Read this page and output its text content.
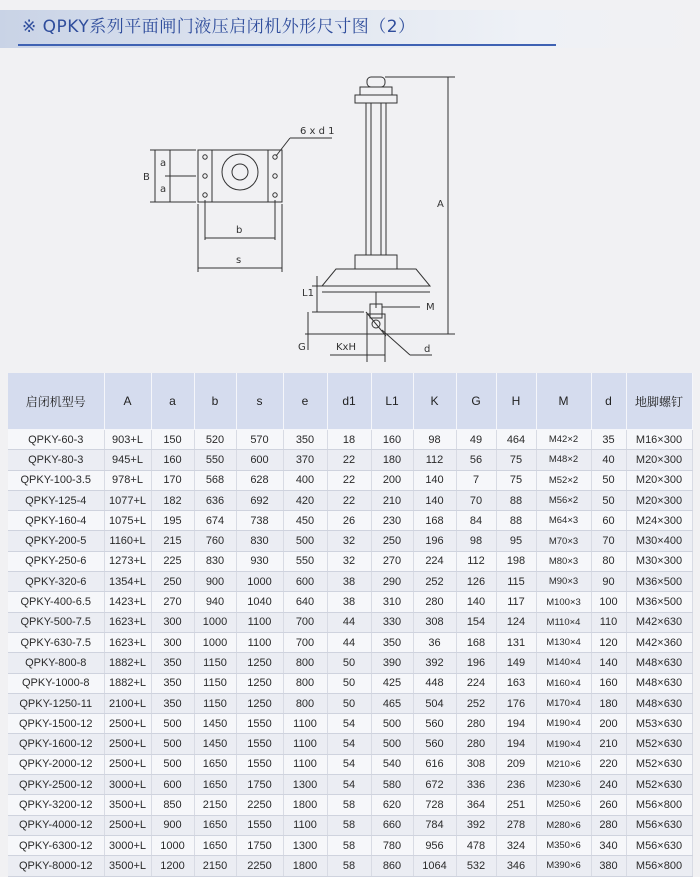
※ QPKY系列平面闸门液压启闭机外形尺寸图（2）
6 x d 1
B
a
a
b
s
A
L1
M
G	KxH	d
启闭机型号	A	a	b	s	e	d1	L1	K	G	H	M	d	地脚螺钉
QPKY-60-3	903+L	150	520	570	350	18	160	98	49	464	M42×2	35	M16×300
QPKY-80-3	945+L	160	550	600	370	22	180	112	56	75	M48×2	40	M20×300
QPKY-100-3.5	978+L	170	568	628	400	22	200	140	7	75	M52×2	50	M20×300
QPKY-125-4	1077+L	182	636	692	420	22	210	140	70	88	M56×2	50	M20×300
QPKY-160-4	1075+L	195	674	738	450	26	230	168	84	88	M64×3	60	M24×300
QPKY-200-5	1160+L	215	760	830	500	32	250	196	98	95	M70×3	70	M30×400
QPKY-250-6	1273+L	225	830	930	550	32	270	224	112	198	M80×3	80	M30×300
QPKY-320-6	1354+L	250	900	1000	600	38	290	252	126	115	M90×3	90	M36×500
QPKY-400-6.5	1423+L	270	940	1040	640	38	310	280	140	117	M100×3	100	M36×500
QPKY-500-7.5	1623+L	300	1000	1100	700	44	330	308	154	124	M110×4	110	M42×630
QPKY-630-7.5	1623+L	300	1000	1100	700	44	350	36	168	131	M130×4	120	M42×360
QPKY-800-8	1882+L	350	1150	1250	800	50	390	392	196	149	M140×4	140	M48×630
QPKY-1000-8	1882+L	350	1150	1250	800	50	425	448	224	163	M160×4	160	M48×630
QPKY-1250-11	2100+L	350	1150	1250	800	50	465	504	252	176	M170×4	180	M48×630
QPKY-1500-12	2500+L	500	1450	1550	1100	54	500	560	280	194	M190×4	200	M53×630
QPKY-1600-12	2500+L	500	1450	1550	1100	54	500	560	280	194	M190×4	210	M52×630
QPKY-2000-12	2500+L	500	1650	1550	1100	54	540	616	308	209	M210×6	220	M52×630
QPKY-2500-12	3000+L	600	1650	1750	1300	54	580	672	336	236	M230×6	240	M52×630
QPKY-3200-12	3500+L	850	2150	2250	1800	58	620	728	364	251	M250×6	260	M56×800
QPKY-4000-12	2500+L	900	1650	1550	1100	58	660	784	392	278	M280×6	280	M56×630
QPKY-6300-12	3000+L	1000	1650	1750	1300	58	780	956	478	324	M350×6	340	M56×630
QPKY-8000-12	3500+L	1200	2150	2250	1800	58	860	1064	532	346	M390×6	380	M56×800
